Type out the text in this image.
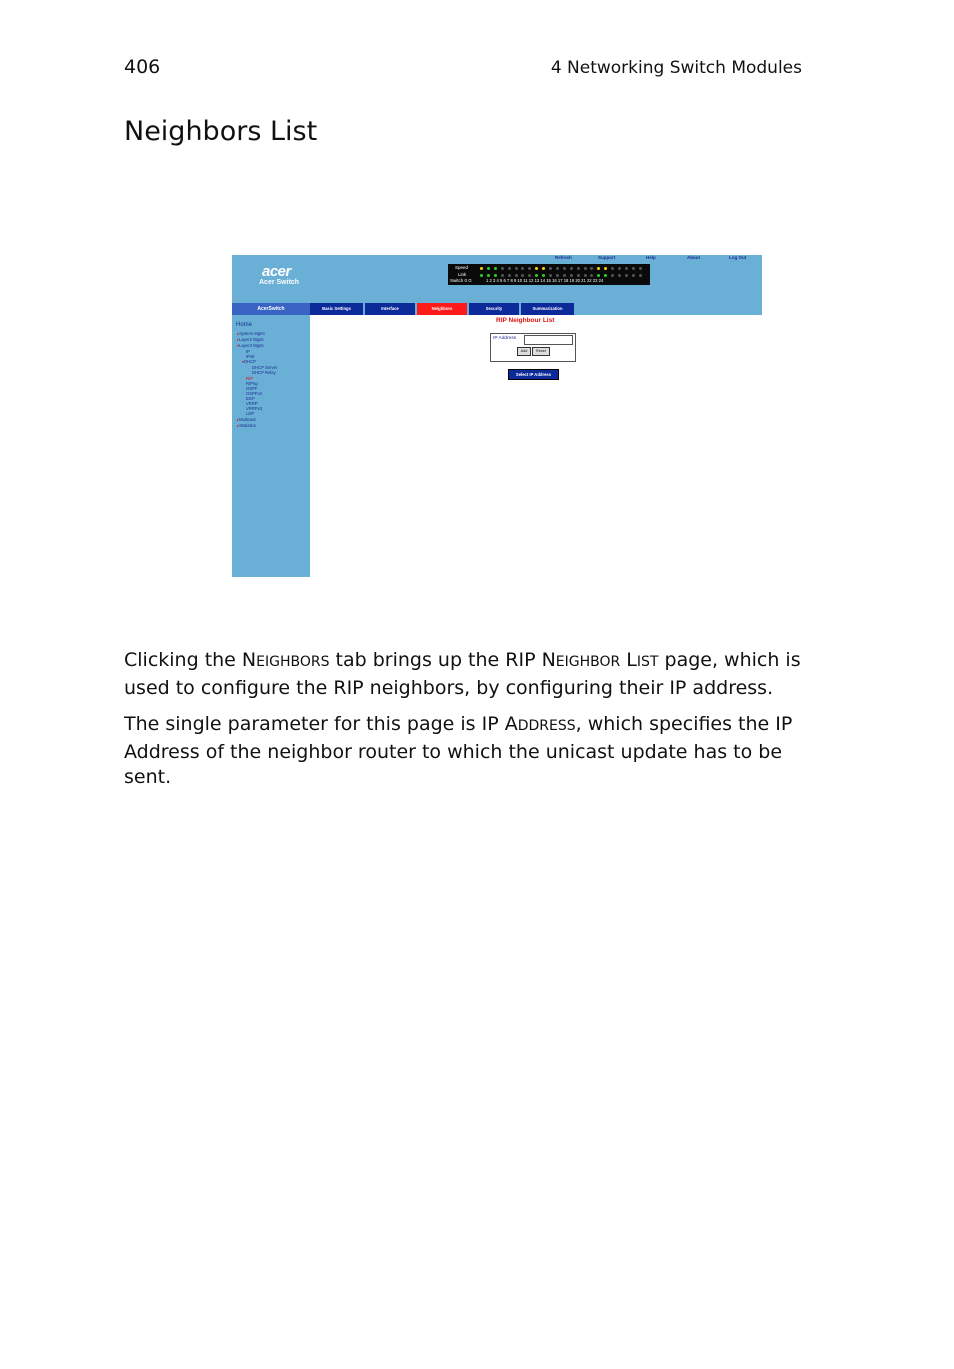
406	4 Networking Switch Modules
Neighbors List
acer
Acer Switch
Refresh	Support	Help	About	Log Out
Speed
Link
Switch 0 G	1 2 3 4 5 6 7 8 9 10 11 12 13 14 15 16 17 18 19 20 21 22 23 24
AcerSwitch	Basic Settings	Interface	Neighbors	Security	Summarization
Home
▸System Mgmt
▸Layer2 Mgmt
▾Layer3 Mgmt
IP
IPv6
▾DHCP
DHCP Server
DHCP Relay
RIP
RIPng
OSPF
OSPFv3
BGP
VRRP
VRRPv3
LDP
▸Multicast
▸Statistics
RIP Neighbour List
IP Address
Add	Reset
Select IP Address

Clicking the NEIGHBORS tab brings up the RIP NEIGHBOR LIST page, which is used to configure the RIP neighbors, by configuring their IP address.

The single parameter for this page is IP ADDRESS, which specifies the IP Address of the neighbor router to which the unicast update has to be sent.
